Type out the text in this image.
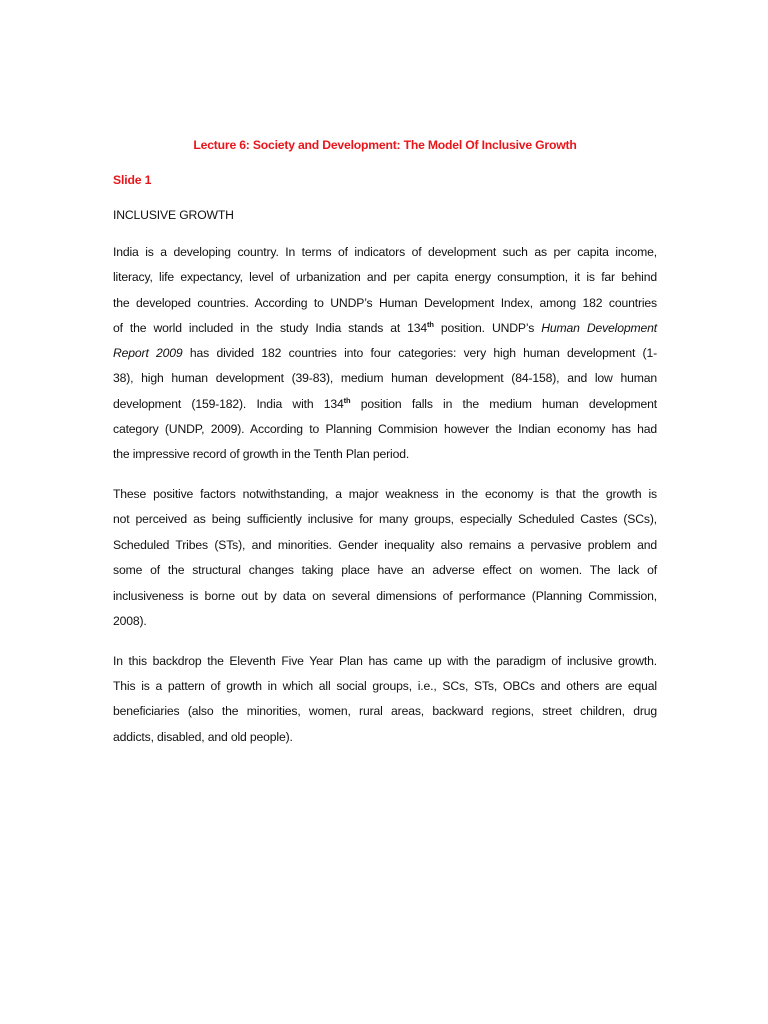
Lecture 6: Society and Development: The Model Of Inclusive Growth
Slide 1
INCLUSIVE GROWTH

India is a developing country. In terms of indicators of development such as per capita income,
literacy, life expectancy, level of urbanization and per capita energy consumption, it is far behind
the developed countries. According to UNDP’s Human Development Index, among 182 countries
of the world included in the study India stands at 134th position. UNDP’s Human Development
Report 2009 has divided 182 countries into four categories: very high human development (1-
38), high human development (39-83), medium human development (84-158), and low human
development (159-182). India with 134th position falls in the medium human development
category (UNDP, 2009). According to Planning Commision however the Indian economy has had
the impressive record of growth in the Tenth Plan period.

These positive factors notwithstanding, a major weakness in the economy is that the growth is
not perceived as being sufficiently inclusive for many groups, especially Scheduled Castes (SCs),
Scheduled Tribes (STs), and minorities. Gender inequality also remains a pervasive problem and
some of the structural changes taking place have an adverse effect on women. The lack of
inclusiveness is borne out by data on several dimensions of performance (Planning Commission,
2008).

In this backdrop the Eleventh Five Year Plan has came up with the paradigm of inclusive growth.
This is a pattern of growth in which all social groups, i.e., SCs, STs, OBCs and others are equal
beneficiaries (also the minorities, women, rural areas, backward regions, street children, drug
addicts, disabled, and old people).
